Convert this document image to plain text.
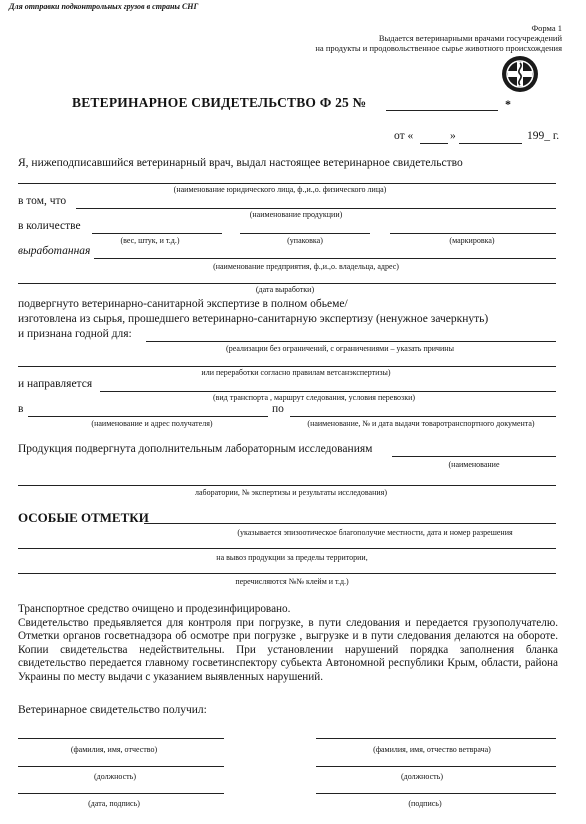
Для отправки подконтрольных грузов в страны СНГ
Форма 1
Выдается ветеринарными врачами госучреждений
на продукты и продовольственное сырье животного происхождения
ВЕТЕРИНАРНОЕ СВИДЕТЕЛЬСТВО Ф 25 №	*
от «	»	199_ г.
Я, нижеподписавшийся ветеринарный врач, выдал настоящее ветеринарное свидетельство
(наименование юридического лица, ф.,и.,о. физического лица)
в том, что
(наименование продукции)
в количестве
(вес, штук, и т.д.)	(упаковка)	(маркировка)
выработанная
(наименование предприятия, ф.,и.,о. владельца, адрес)
(дата выработки)
подвергнуто ветеринарно-санитарной экспертизе в полном обьеме/
изготовлена из сырья, прошедшего ветеринарно-санитарную экспертизу (ненужное зачеркнуть)
и признана годной для:
(реализации без ограничений, с ограничениями – указать причины
или переработки согласно правилам ветсанэкспертизы)
и направляется
(вид транспорта , маршрут следования, условия перевозки)
в	по
(наименование и адрес получателя)	(наименование, № и дата выдачи товаротранспортного документа)
Продукция подвергнута дополнительным лабораторным исследованиям
(наименование
лаборатории, № экспертизы и результаты исследования)
ОСОБЫЕ ОТМЕТКИ
(указывается эпизоотическое благополучие местности, дата и номер разрешения
на вывоз продукции за пределы территории,
перечисляются №№ клейм и т.д.)

Транспортное средство очищено и продезинфицировано.

Свидетельство предьявляется для контроля при погрузке, в пути следования и передается грузополучателю. Отметки органов госветнадзора об осмотре при погрузке , выгрузке и в пути следования делаются на обороте. Копии свидетельства недействительны. При установлении нарушений порядка заполнения бланка свидетельство передается главному госветинспектору субьекта Автономной республики Крым, области, района Украины по месту выдачи с указанием выявленных нарушений.

Ветеринарное свидетельство получил:
(фамилия, имя, отчество)	(фамилия, имя, отчество ветврача)
(должность)	(должность)
(дата, подпись)	(подпись)
